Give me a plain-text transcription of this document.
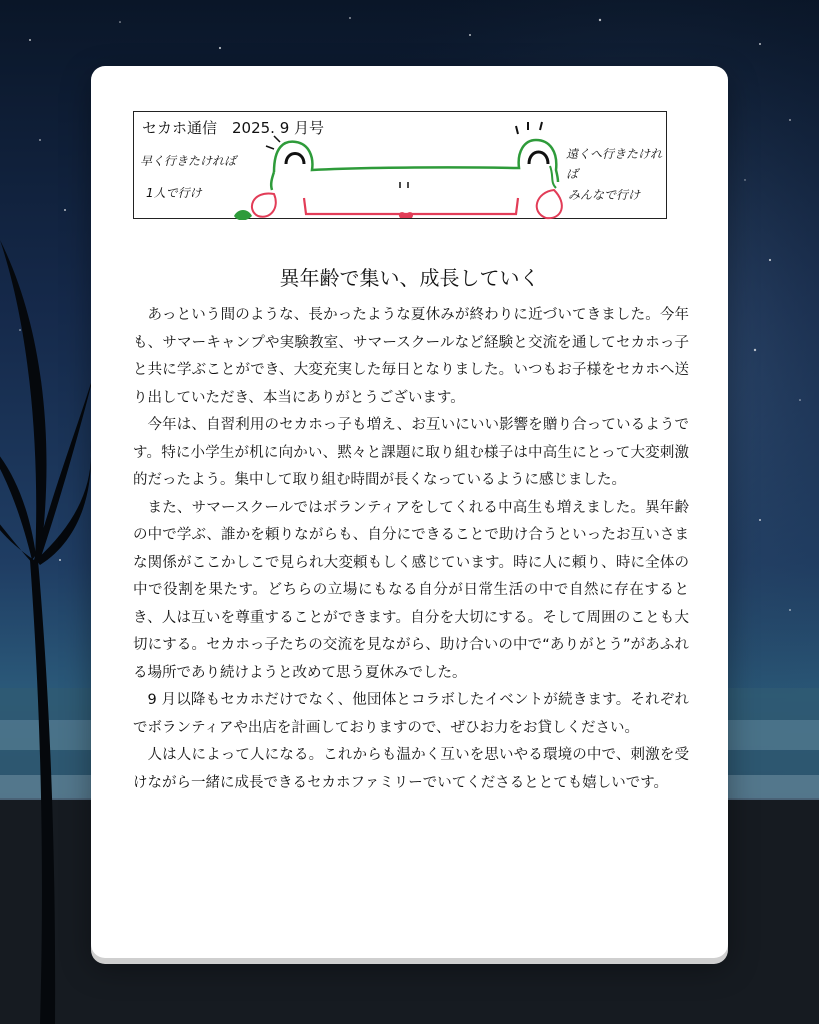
セカホ通信　2025. 9 月号
早く行きたければ
1人で行け
遠くへ行きたければ
みんなで行け
異年齢で集い、成長していく

あっという間のような、長かったような夏休みが終わりに近づいてきました。今年も、サマーキャンプや実験教室、サマースクールなど経験と交流を通してセカホっ子と共に学ぶことができ、大変充実した毎日となりました。いつもお子様をセカホへ送り出していただき、本当にありがとうございます。

今年は、自習利用のセカホっ子も増え、お互いにいい影響を贈り合っているようです。特に小学生が机に向かい、黙々と課題に取り組む様子は中高生にとって大変刺激的だったよう。集中して取り組む時間が長くなっているように感じました。

また、サマースクールではボランティアをしてくれる中高生も増えました。異年齢の中で学ぶ、誰かを頼りながらも、自分にできることで助け合うといったお互いさまな関係がここかしこで見られ大変頼もしく感じています。時に人に頼り、時に全体の中で役割を果たす。どちらの立場にもなる自分が日常生活の中で自然に存在するとき、人は互いを尊重することができます。自分を大切にする。そして周囲のことも大切にする。セカホっ子たちの交流を見ながら、助け合いの中で“ありがとう”があふれる場所であり続けようと改めて思う夏休みでした。

9 月以降もセカホだけでなく、他団体とコラボしたイベントが続きます。それぞれでボランティアや出店を計画しておりますので、ぜひお力をお貸しください。

人は人によって人になる。これからも温かく互いを思いやる環境の中で、刺激を受けながら一緒に成長できるセカホファミリーでいてくださるととても嬉しいです。
